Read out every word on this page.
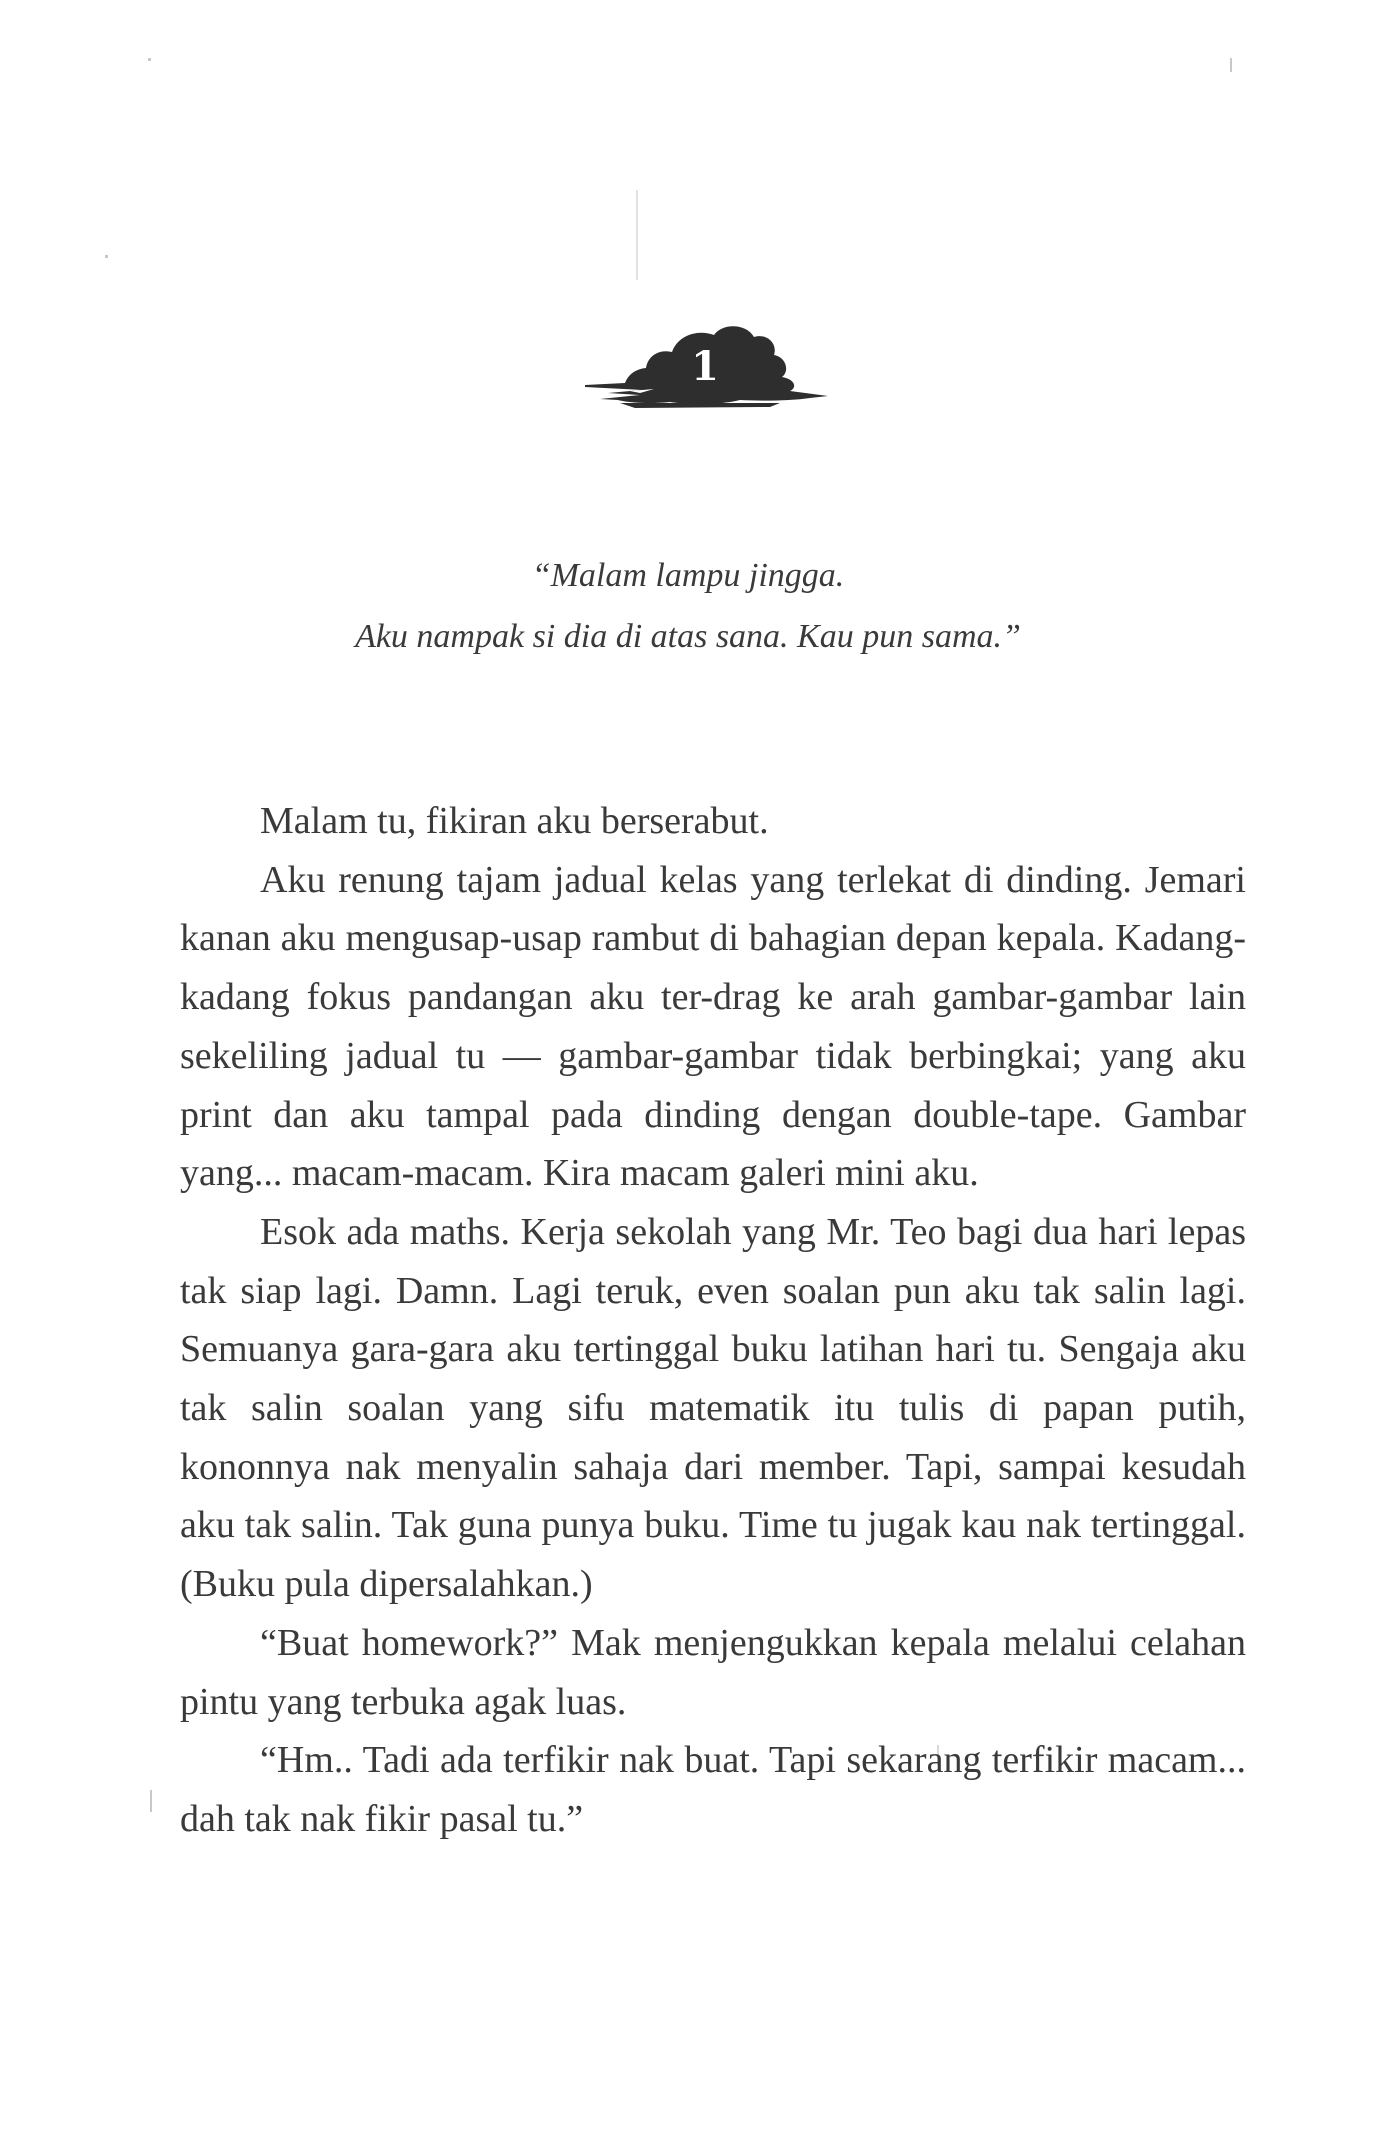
1
“Malam lampu jingga.
Aku nampak si dia di atas sana. Kau pun sama.”

Malam tu, fikiran aku berserabut.

Aku renung tajam jadual kelas yang terlekat di dinding. Jemari kanan aku mengusap-usap rambut di bahagian depan kepala. Kadang-kadang fokus pandangan aku ter-drag ke arah gambar-gambar lain sekeliling jadual tu — gambar-gambar tidak berbingkai; yang aku print dan aku tampal pada dinding dengan double-tape. Gambar yang... macam-macam. Kira macam galeri mini aku.

Esok ada maths. Kerja sekolah yang Mr. Teo bagi dua hari lepas tak siap lagi. Damn. Lagi teruk, even soalan pun aku tak salin lagi. Semuanya gara-gara aku tertinggal buku latihan hari tu. Sengaja aku tak salin soalan yang sifu matematik itu tulis di papan putih, kononnya nak menyalin sahaja dari member. Tapi, sampai kesudah aku tak salin. Tak guna punya buku. Time tu jugak kau nak tertinggal. (Buku pula dipersalahkan.)

“Buat homework?” Mak menjengukkan kepala melalui celahan pintu yang terbuka agak luas.

“Hm.. Tadi ada terfikir nak buat. Tapi sekarang terfikir macam... dah tak nak fikir pasal tu.”
